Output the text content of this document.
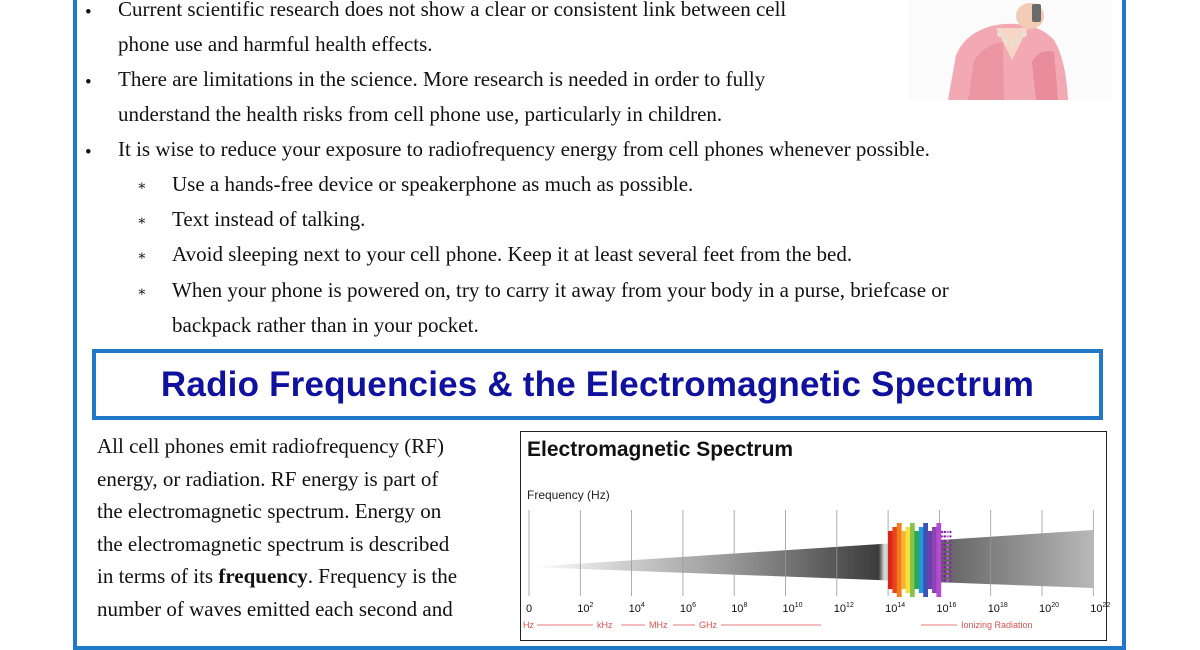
• Current scientific research does not show a clear or consistent link between cell
phone use and harmful health effects.
• There are limitations in the science. More research is needed in order to fully
understand the health risks from cell phone use, particularly in children.
• It is wise to reduce your exposure to radiofrequency energy from cell phones whenever possible.
∗ Use a hands-free device or speakerphone as much as possible.
∗ Text instead of talking.
∗ Avoid sleeping next to your cell phone. Keep it at least several feet from the bed.
∗ When your phone is powered on, try to carry it away from your body in a purse, briefcase or
backpack rather than in your pocket.
Radio Frequencies & the Electromagnetic Spectrum
All cell phones emit radiofrequency (RF)
energy, or radiation. RF energy is part of
the electromagnetic spectrum. Energy on
the electromagnetic spectrum is described
in terms of its frequency. Frequency is the
number of waves emitted each second and
Electromagnetic Spectrum
Frequency (Hz)
0	$10^2$	$10^4$	$10^6$	$10^8$	$10^{10}$	$10^{12}$	$10^{14}$	$10^{16}$	$10^{18}$	$10^{20}$	$10^{22}$
Hz	kHz	MHz	GHz	Ionizing Radiation
